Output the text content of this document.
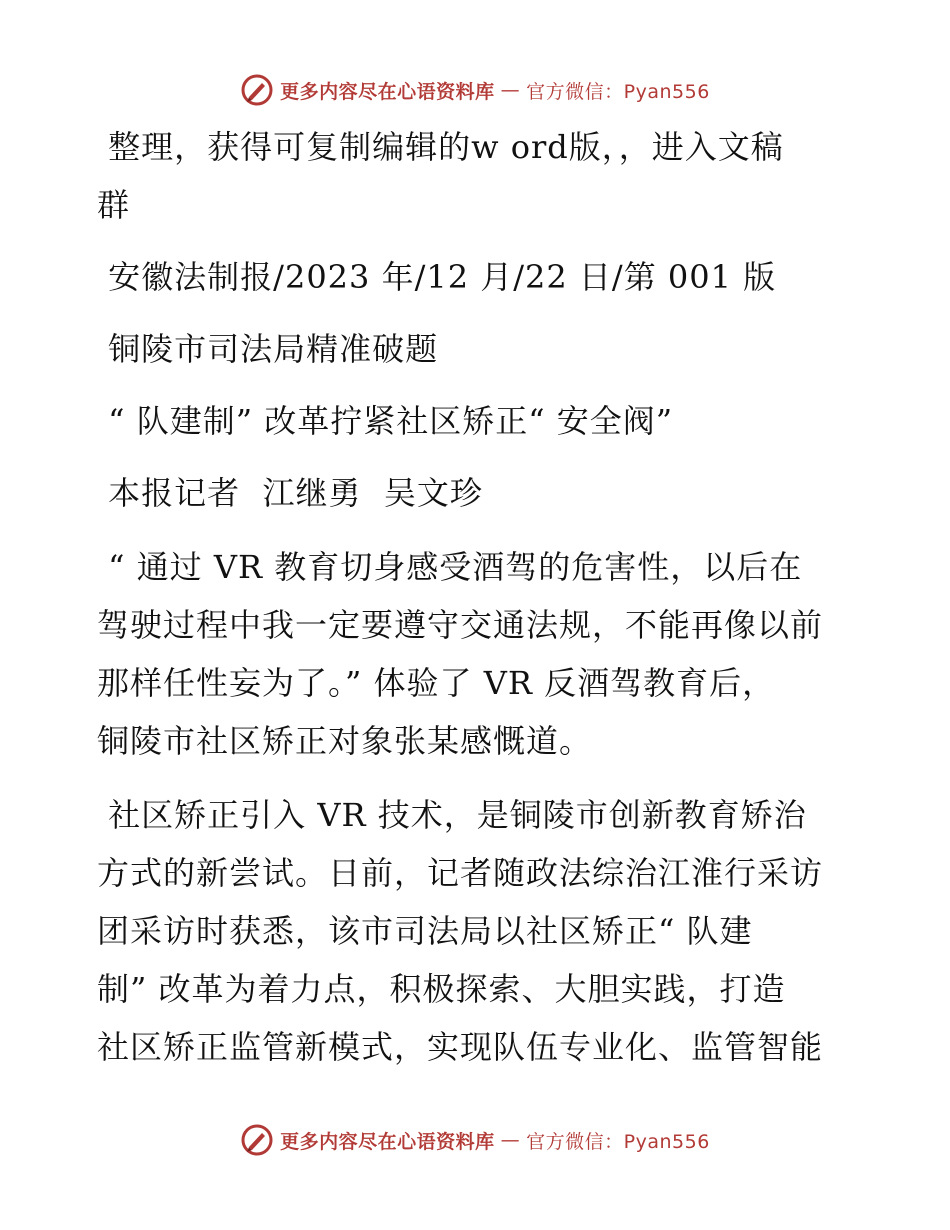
更多内容尽在心语资料库 — 官方微信：Pyan556

整理，获得可复制编辑的w ord版，，进入文稿

群

安徽法制报/2023 年/12 月/22 日/第 001 版

铜陵市司法局精准破题

“ 队建制” 改革拧紧社区矫正“ 安全阀”

本报记者  江继勇  吴文珍

“ 通过 VR 教育切身感受酒驾的危害性，以后在

驾驶过程中我一定要遵守交通法规，不能再像以前

那样任性妄为了。” 体验了 VR 反酒驾教育后，

铜陵市社区矫正对象张某感慨道。

社区矫正引入 VR 技术，是铜陵市创新教育矫治

方式的新尝试。日前，记者随政法综治江淮行采访

团采访时获悉，该市司法局以社区矫正“ 队建

制” 改革为着力点，积极探索、大胆实践，打造

社区矫正监管新模式，实现队伍专业化、监管智能

更多内容尽在心语资料库 — 官方微信：Pyan556
